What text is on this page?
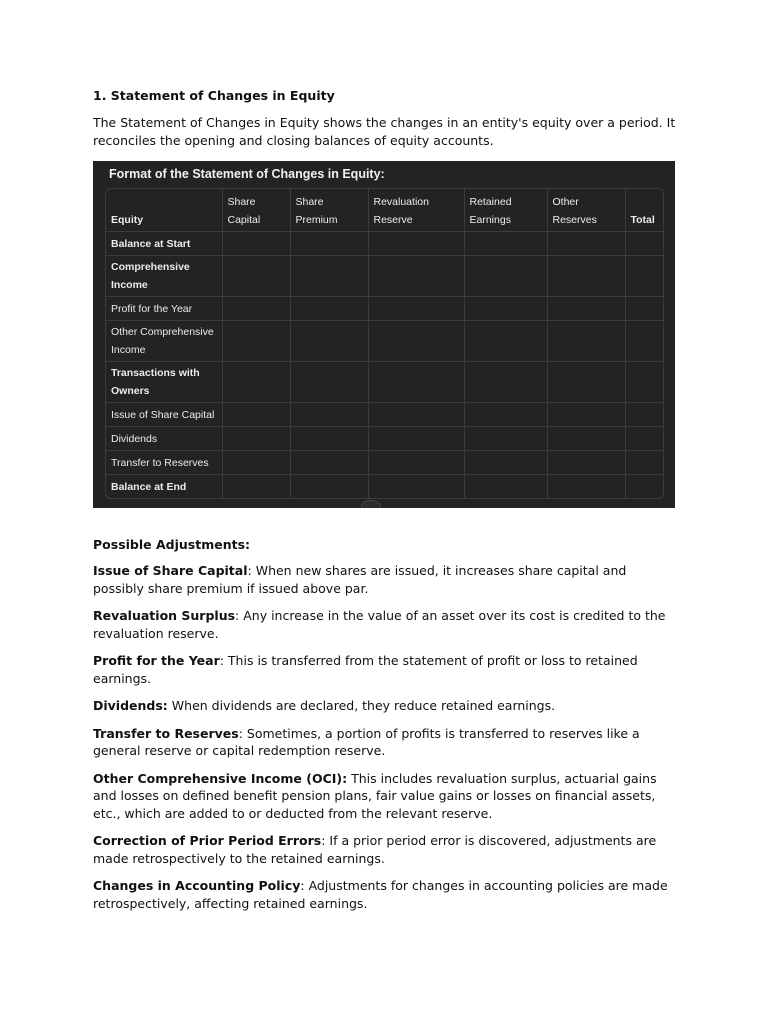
1. Statement of Changes in Equity

The Statement of Changes in Equity shows the changes in an entity's equity over a period. It reconciles the opening and closing balances of equity accounts.

Format of the Statement of Changes in Equity:
Equity	Share Capital	Share Premium	Revaluation Reserve	Retained Earnings	Other Reserves	Total
Balance at Start						
Comprehensive Income						
Profit for the Year						
Other Comprehensive Income						
Transactions with Owners						
Issue of Share Capital						
Dividends						
Transfer to Reserves						
Balance at End						
Possible Adjustments:

Issue of Share Capital: When new shares are issued, it increases share capital and possibly share premium if issued above par.

Revaluation Surplus: Any increase in the value of an asset over its cost is credited to the revaluation reserve.

Profit for the Year: This is transferred from the statement of profit or loss to retained earnings.

Dividends: When dividends are declared, they reduce retained earnings.

Transfer to Reserves: Sometimes, a portion of profits is transferred to reserves like a general reserve or capital redemption reserve.

Other Comprehensive Income (OCI): This includes revaluation surplus, actuarial gains and losses on defined benefit pension plans, fair value gains or losses on financial assets, etc., which are added to or deducted from the relevant reserve.

Correction of Prior Period Errors: If a prior period error is discovered, adjustments are made retrospectively to the retained earnings.

Changes in Accounting Policy: Adjustments for changes in accounting policies are made retrospectively, affecting retained earnings.
